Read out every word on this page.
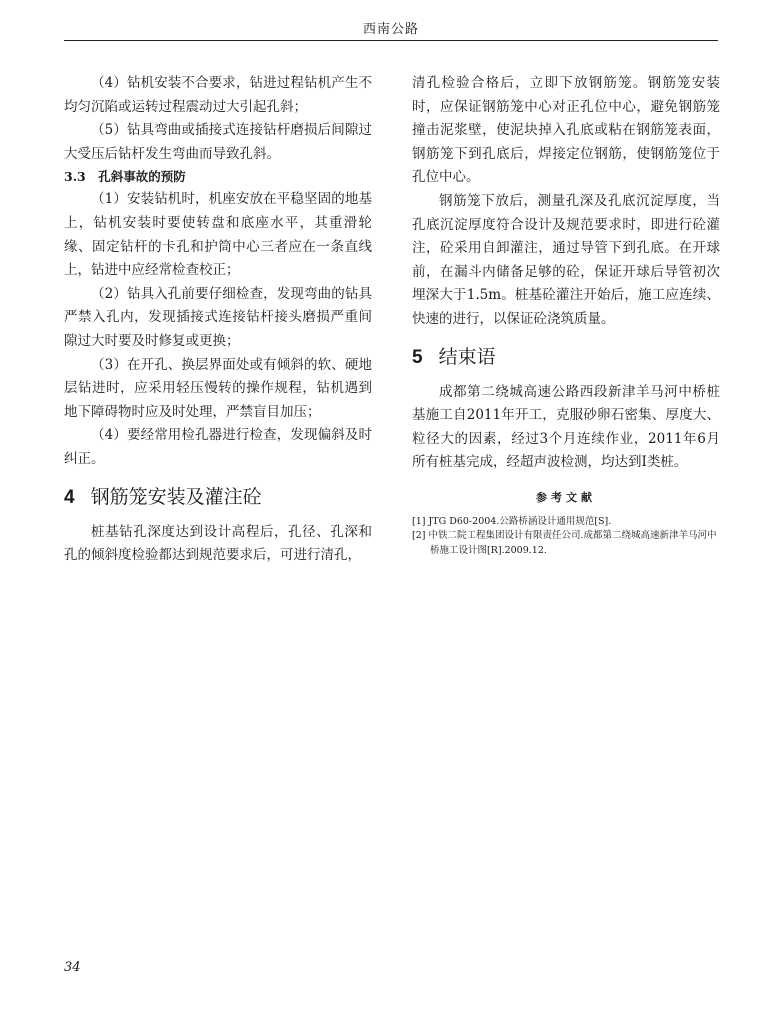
西南公路

（4）钻机安装不合要求，钻进过程钻机产生不均匀沉陷或运转过程震动过大引起孔斜；

（5）钻具弯曲或插接式连接钻杆磨损后间隙过大受压后钻杆发生弯曲而导致孔斜。

3.3　孔斜事故的预防

（1）安装钻机时，机座安放在平稳坚固的地基上，钻机安装时要使转盘和底座水平，其重滑轮缘、固定钻杆的卡孔和护筒中心三者应在一条直线上，钻进中应经常检查校正；

（2）钻具入孔前要仔细检查，发现弯曲的钻具严禁入孔内，发现插接式连接钻杆接头磨损严重间隙过大时要及时修复或更换；

（3）在开孔、换层界面处或有倾斜的软、硬地层钻进时，应采用轻压慢转的操作规程，钻机遇到地下障碍物时应及时处理，严禁盲目加压；

（4）要经常用检孔器进行检查，发现偏斜及时纠正。

4 钢筋笼安装及灌注砼

桩基钻孔深度达到设计高程后，孔径、孔深和孔的倾斜度检验都达到规范要求后，可进行清孔，

清孔检验合格后，立即下放钢筋笼。钢筋笼安装时，应保证钢筋笼中心对正孔位中心，避免钢筋笼撞击泥浆壁，使泥块掉入孔底或粘在钢筋笼表面，钢筋笼下到孔底后，焊接定位钢筋，使钢筋笼位于孔位中心。

钢筋笼下放后，测量孔深及孔底沉淀厚度，当孔底沉淀厚度符合设计及规范要求时，即进行砼灌注，砼采用自卸灌注，通过导管下到孔底。在开球前，在漏斗内储备足够的砼，保证开球后导管初次埋深大于1.5m。桩基砼灌注开始后，施工应连续、快速的进行，以保证砼浇筑质量。

5 结束语

成都第二绕城高速公路西段新津羊马河中桥桩基施工自2011年开工，克服砂卵石密集、厚度大、粒径大的因素，经过3个月连续作业，2011年6月所有桩基完成，经超声波检测，均达到Ⅰ类桩。

参考文献
[1] JTG D60-2004.公路桥涵设计通用规范[S].
[2] 中铁二院工程集团设计有限责任公司.成都第二绕城高速新津羊马河中桥施工设计图[R].2009.12.
34
